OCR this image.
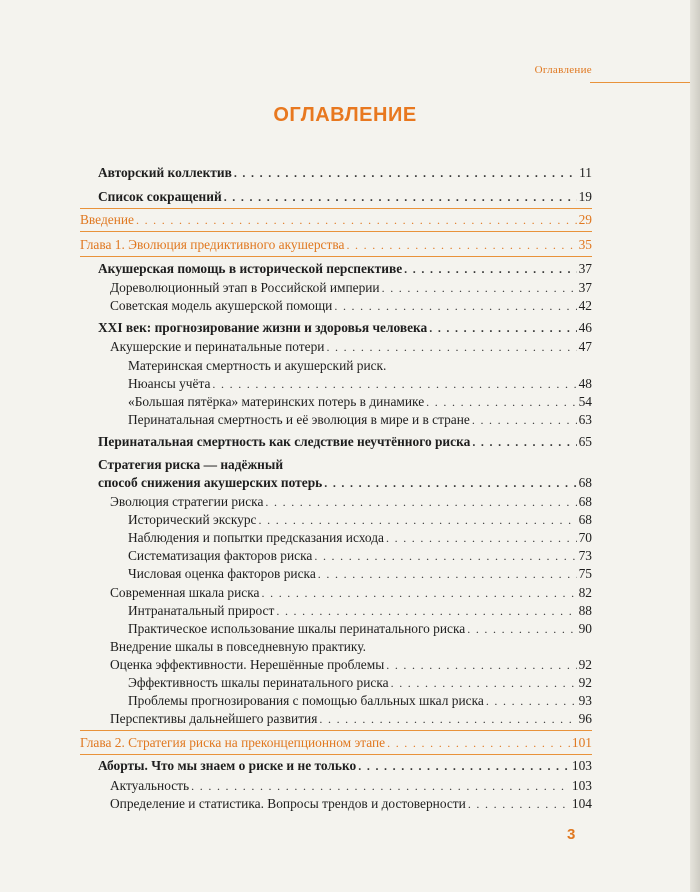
Оглавление
ОГЛАВЛЕНИЕ
Авторский коллектив . . .	11
Список сокращений . . .	19
Введение . . .	29
Глава 1. Эволюция предиктивного акушерства . . .	35
Акушерская помощь в исторической перспективе . . .	37
Дореволюционный этап в Российской империи . . .	37
Советская модель акушерской помощи . . .	42
XXI век: прогнозирование жизни и здоровья человека . . .	46
Акушерские и перинатальные потери . . .	47
Материнская смертность и акушерский риск.
Нюансы учёта . . .	48
«Большая пятёрка» материнских потерь в динамике . . .	54
Перинатальная смертность и её эволюция в мире и в стране . . .	63
Перинатальная смертность как следствие неучтённого риска . . .	65
Стратегия риска — надёжный
способ снижения акушерских потерь . . .	68
Эволюция стратегии риска . . .	68
Исторический экскурс . . .	68
Наблюдения и попытки предсказания исхода . . .	70
Систематизация факторов риска . . .	73
Числовая оценка факторов риска . . .	75
Современная шкала риска . . .	82
Интранатальный прирост . . .	88
Практическое использование шкалы перинатального риска . . .	90
Внедрение шкалы в повседневную практику.
Оценка эффективности. Нерешённые проблемы . . .	92
Эффективность шкалы перинатального риска . . .	92
Проблемы прогнозирования с помощью балльных шкал риска . . .	93
Перспективы дальнейшего развития . . .	96
Глава 2. Стратегия риска на преконцепционном этапе . . .	101
Аборты. Что мы знаем о риске и не только . . .	103
Актуальность . . .	103
Определение и статистика. Вопросы трендов и достоверности . . .	104
3
